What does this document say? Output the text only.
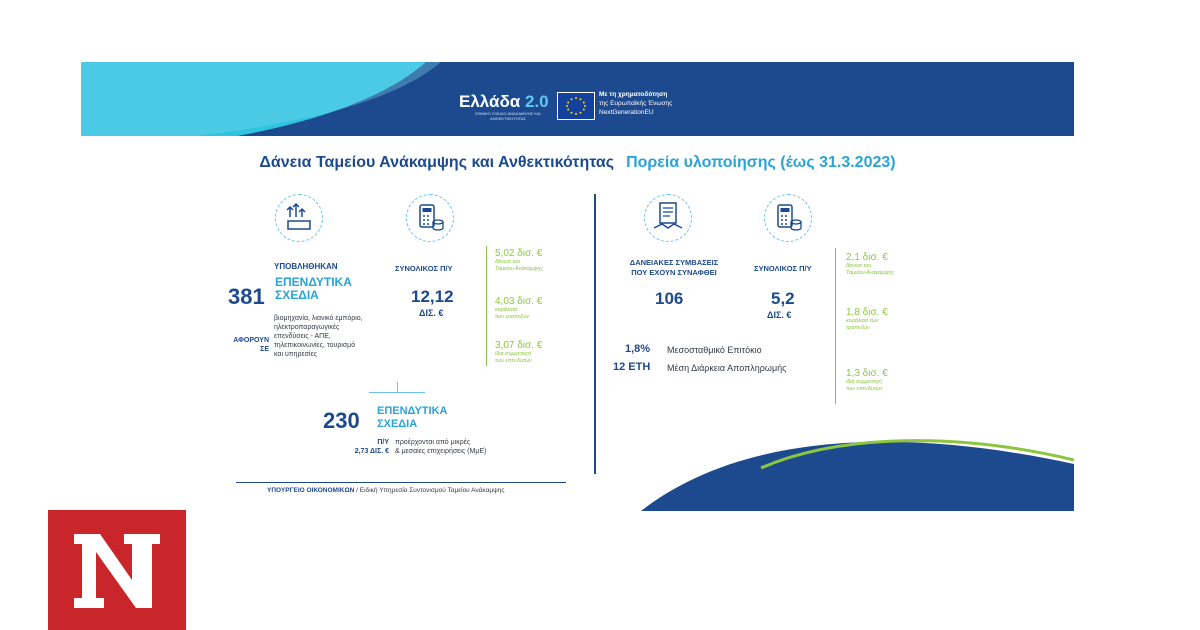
Ελλάδα 2.0
ΕΘΝΙΚΟ ΣΧΕΔΙΟ ΑΝΑΚΑΜΨΗΣ ΚΑΙ ΑΝΘΕΚΤΙΚΟΤΗΤΑΣ
Με τη χρηματοδότηση
της Ευρωπαϊκής Ένωσης
NextGenerationEU
Δάνεια Ταμείου Ανάκαμψης και Ανθεκτικότητας Πορεία υλοποίησης (έως 31.3.2023)
ΥΠΟΒΛΗΘΗΚΑΝ
381
ΕΠΕΝΔΥΤΙΚΑ
ΣΧΕΔΙΑ
ΑΦΟΡΟΥΝ
ΣΕ
βιομηχανία, λιανικό εμπόριο,
ηλεκτροπαραγωγικές
επενδύσεις - ΑΠΕ,
τηλεπικοινωνίες, τουρισμό
και υπηρεσίες
ΣΥΝΟΛΙΚΟΣ Π/Υ
12,12
ΔΙΣ. €
5,02 δισ. €
δάνεια του
Ταμείου Ανάκαμψης
4,03 δισ. €
κεφάλαια
των τραπεζών
3,07 δισ. €
ίδια συμμετοχή
των επενδυτών
230 ΕΠΕΝΔΥΤΙΚΑ
ΣΧΕΔΙΑ
Π/Υ
2,73 ΔΙΣ. €
προέρχονται από μικρές
& μεσαίες επιχειρήσεις (ΜμΕ)
ΥΠΟΥΡΓΕΙΟ ΟΙΚΟΝΟΜΙΚΩΝ / Ειδική Υπηρεσία Συντονισμού Ταμείου Ανάκαμψης
ΔΑΝΕΙΑΚΕΣ ΣΥΜΒΑΣΕΙΣ
ΠΟΥ ΕΧΟΥΝ ΣΥΝΑΦΘΕΙ
106
ΣΥΝΟΛΙΚΟΣ Π/Υ
5,2
ΔΙΣ. €
1,8% Μεσοσταθμικό Επιτόκιο
12 ΕΤΗ Μέση Διάρκεια Αποπληρωμής
2,1 δισ. €
δάνεια του
Ταμείου Ανάκαμψης
1,8 δισ. €
κεφάλαια των
τραπεζών
1,3 δισ. €
ίδια συμμετοχή
των επενδυτών
